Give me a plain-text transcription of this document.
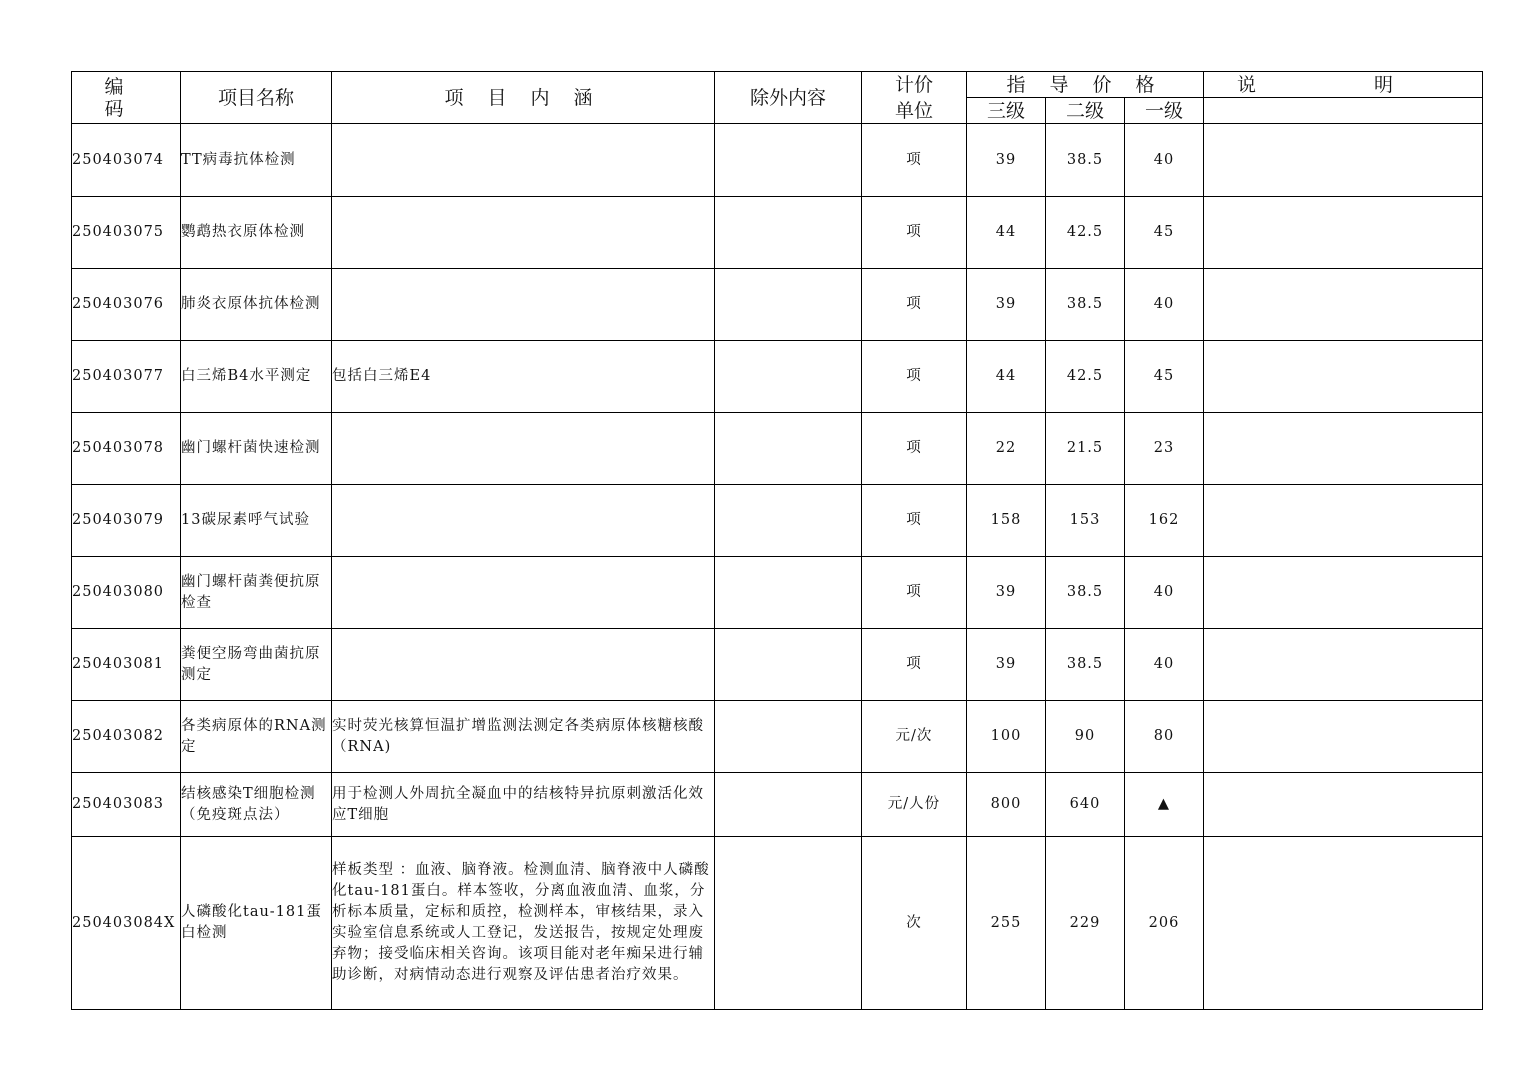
编 码	项目名称	项 目 内 涵	除外内容	计价
单位	指 导 价 格			说 明
					三级	二级	一级	
250403074	TT病毒抗体检测			项	39	38.5	40	
250403075	鹦鹉热衣原体检测			项	44	42.5	45	
250403076	肺炎衣原体抗体检测			项	39	38.5	40	
250403077	白三烯B4水平测定	包括白三烯E4		项	44	42.5	45	
250403078	幽门螺杆菌快速检测			项	22	21.5	23	
250403079	13碳尿素呼气试验			项	158	153	162	
250403080	幽门螺杆菌粪便抗原检查			项	39	38.5	40	
250403081	粪便空肠弯曲菌抗原测定			项	39	38.5	40	
250403082	各类病原体的RNA测定	实时荧光核算恒温扩增监测法测定各类病原体核糖核酸（RNA)		元/次	100	90	80	
250403083	结核感染T细胞检测（免疫斑点法）	用于检测人外周抗全凝血中的结核特异抗原刺激活化效应T细胞		元/人份	800	640	▲	
250403084X	人磷酸化tau-181蛋白检测	样板类型 ：血液、脑脊液。检测血清、脑脊液中人磷酸化tau-181蛋白。样本签收，分离血液血清、血浆，分析标本质量，定标和质控，检测样本，审核结果，录入实验室信息系统或人工登记，发送报告，按规定处理废弃物；接受临床相关咨询。该项目能对老年痴呆进行辅助诊断，对病情动态进行观察及评估患者治疗效果。		次	255	229	206	
